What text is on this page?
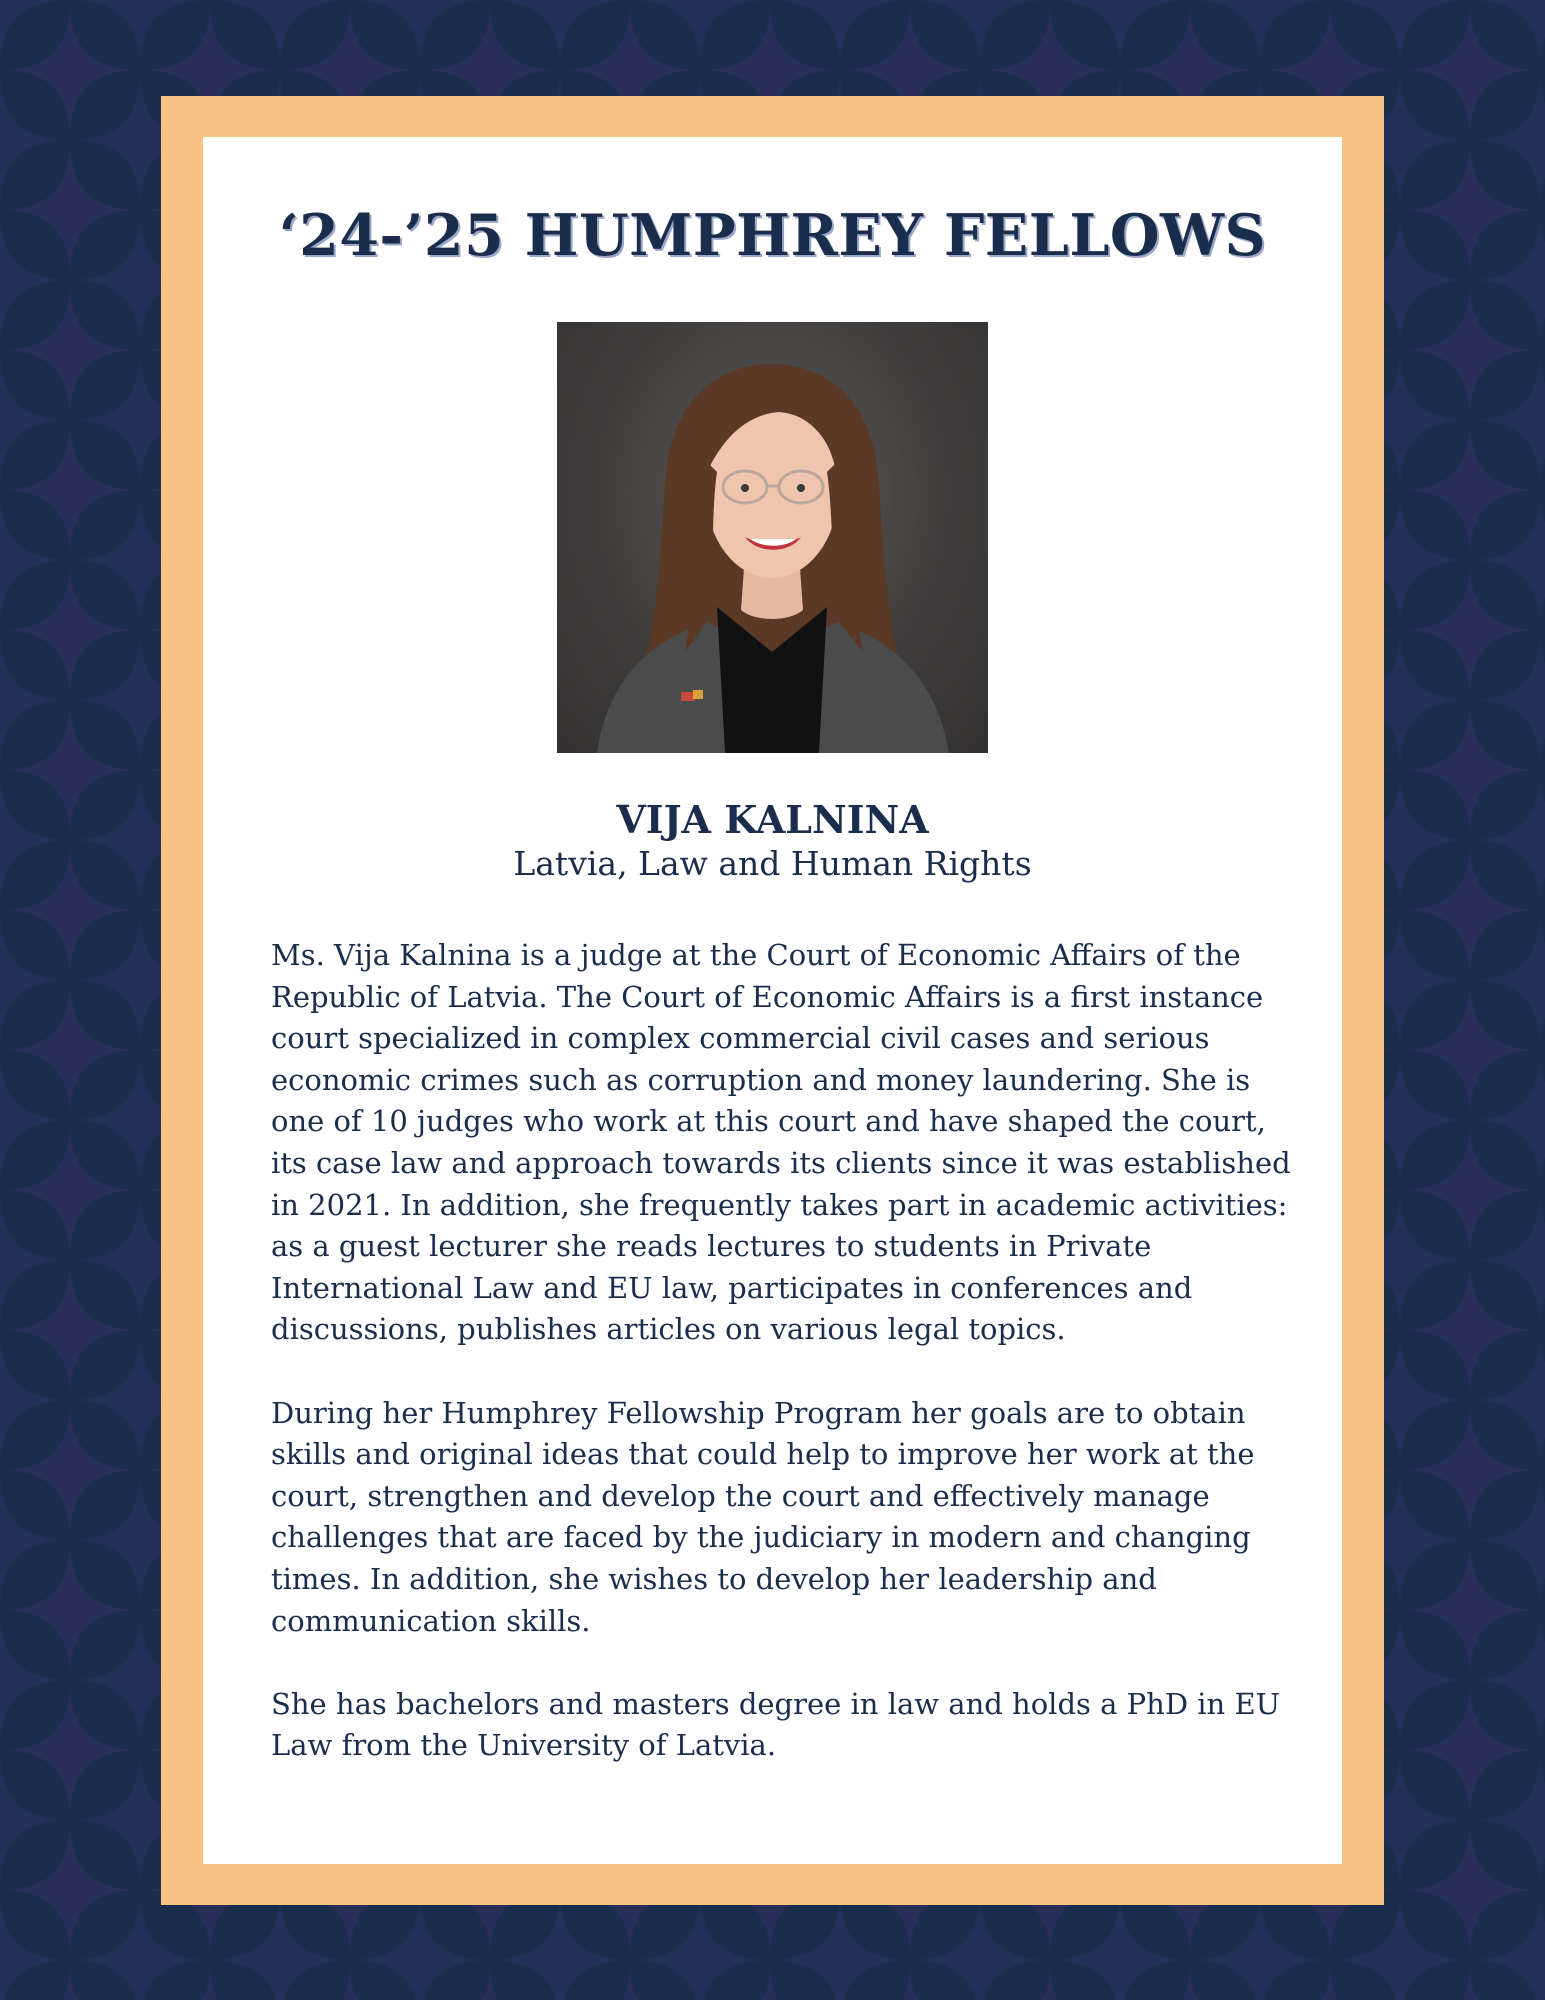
‘24-’25 HUMPHREY FELLOWS
VIJA KALNINA
Latvia, Law and Human Rights

Ms. Vija Kalnina is a judge at the Court of Economic Affairs of the Republic of Latvia. The Court of Economic Affairs is a first instance court specialized in complex commercial civil cases and serious economic crimes such as corruption and money laundering. She is one of 10 judges who work at this court and have shaped the court, its case law and approach towards its clients since it was established in 2021. In addition, she frequently takes part in academic activities: as a guest lecturer she reads lectures to students in Private International Law and EU law, participates in conferences and discussions, publishes articles on various legal topics.

During her Humphrey Fellowship Program her goals are to obtain skills and original ideas that could help to improve her work at the court, strengthen and develop the court and effectively manage challenges that are faced by the judiciary in modern and changing times. In addition, she wishes to develop her leadership and communication skills.

She has bachelors and masters degree in law and holds a PhD in EU Law from the University of Latvia.
